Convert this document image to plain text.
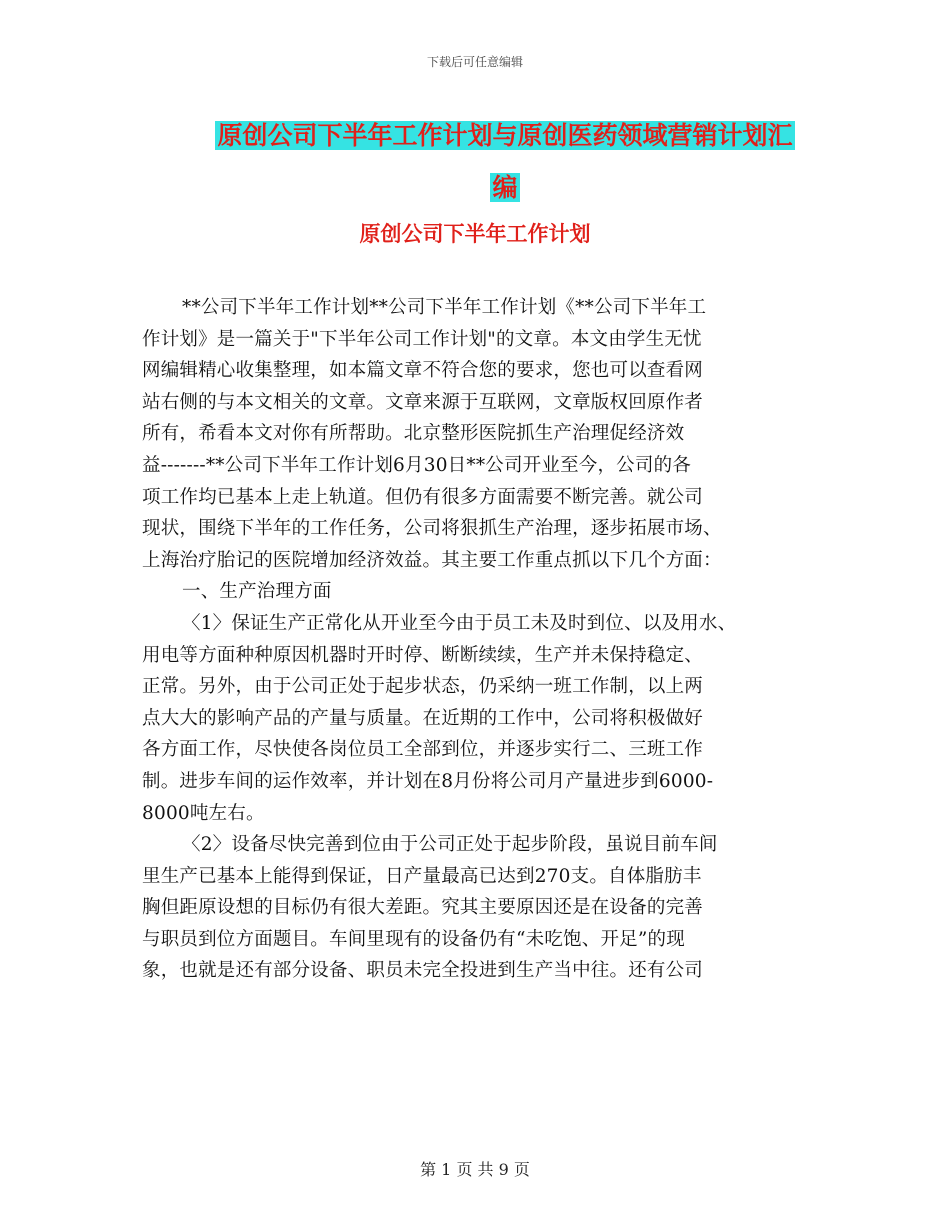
下载后可任意编辑
原创公司下半年工作计划与原创医药领域营销计划汇
编
原创公司下半年工作计划
**公司下半年工作计划**公司下半年工作计划《**公司下半年工
作计划》是一篇关于"下半年公司工作计划"的文章。本文由学生无忧
网编辑精心收集整理，如本篇文章不符合您的要求，您也可以查看网
站右侧的与本文相关的文章。文章来源于互联网，文章版权回原作者
所有，希看本文对你有所帮助。北京整形医院抓生产治理促经济效
益-------**公司下半年工作计划6月30日**公司开业至今，公司的各
项工作均已基本上走上轨道。但仍有很多方面需要不断完善。就公司
现状，围绕下半年的工作任务，公司将狠抓生产治理，逐步拓展市场、
上海治疗胎记的医院增加经济效益。其主要工作重点抓以下几个方面：
一、生产治理方面
〈1〉保证生产正常化从开业至今由于员工未及时到位、以及用水、
用电等方面种种原因机器时开时停、断断续续，生产并未保持稳定、
正常。另外，由于公司正处于起步状态，仍采纳一班工作制，以上两
点大大的影响产品的产量与质量。在近期的工作中，公司将积极做好
各方面工作，尽快使各岗位员工全部到位，并逐步实行二、三班工作
制。进步车间的运作效率，并计划在8月份将公司月产量进步到6000-
8000吨左右。
〈2〉设备尽快完善到位由于公司正处于起步阶段，虽说目前车间
里生产已基本上能得到保证，日产量最高已达到270支。自体脂肪丰
胸但距原设想的目标仍有很大差距。究其主要原因还是在设备的完善
与职员到位方面题目。车间里现有的设备仍有“未吃饱、开足”的现
象，也就是还有部分设备、职员未完全投进到生产当中往。还有公司
第 1 页 共 9 页
